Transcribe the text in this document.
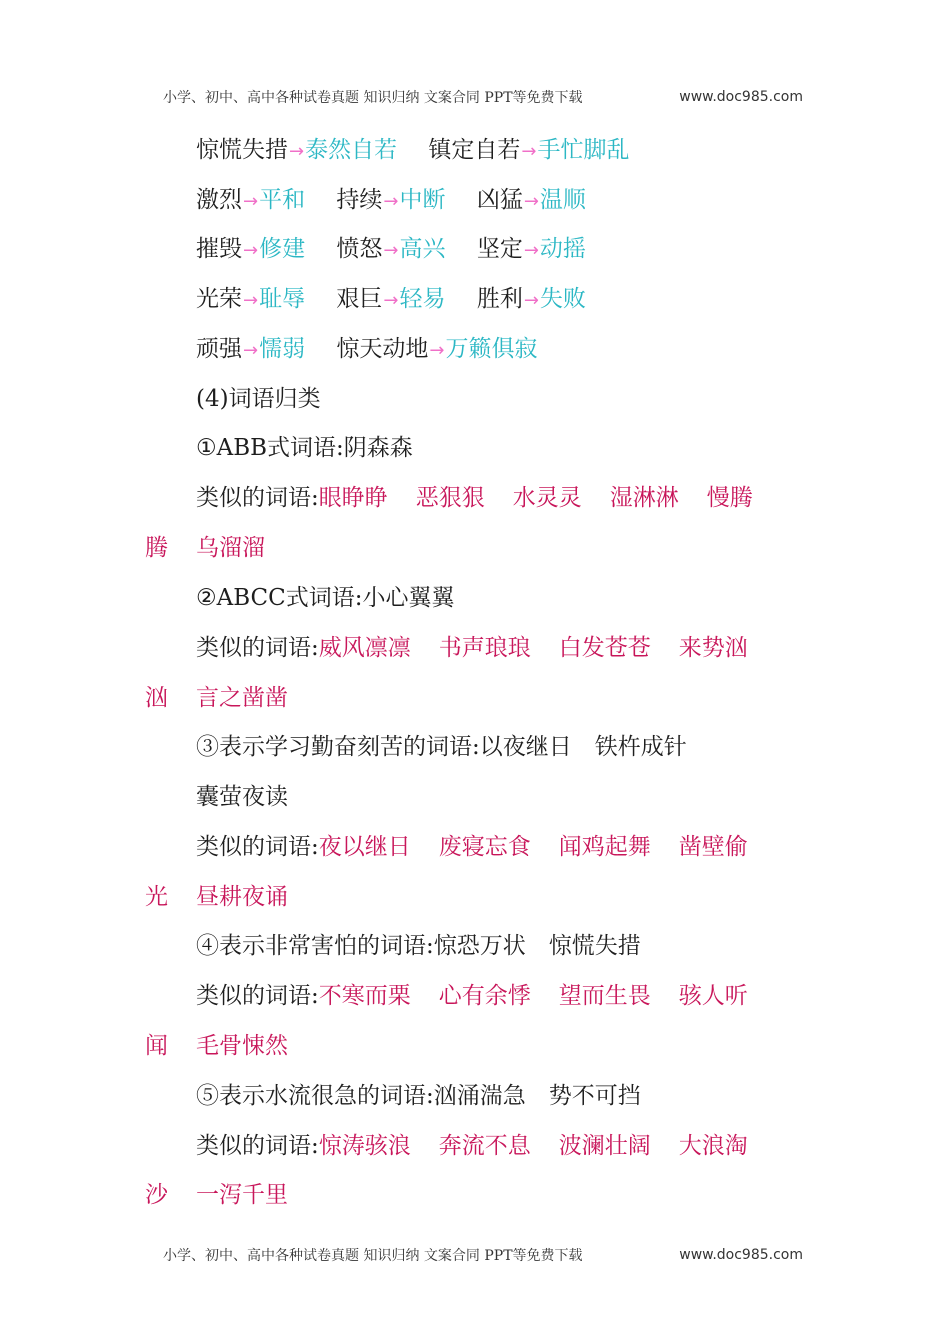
小学、初中、高中各种试卷真题 知识归纳 文案合同 PPT等免费下载	www.doc985.com
惊慌失措→泰然自若 镇定自若→手忙脚乱
激烈→平和 持续→中断 凶猛→温顺
摧毁→修建 愤怒→高兴 坚定→动摇
光荣→耻辱 艰巨→轻易 胜利→失败
顽强→懦弱 惊天动地→万籁俱寂
(4)词语归类
①ABB式词语:阴森森
类似的词语:眼睁睁 恶狠狠 水灵灵 湿淋淋 慢腾
腾 乌溜溜
②ABCC式词语:小心翼翼
类似的词语:威风凛凛 书声琅琅 白发苍苍 来势汹
汹 言之凿凿
③表示学习勤奋刻苦的词语:以夜继日　铁杵成针
囊萤夜读
类似的词语:夜以继日 废寝忘食 闻鸡起舞 凿壁偷
光 昼耕夜诵
④表示非常害怕的词语:惊恐万状　惊慌失措
类似的词语:不寒而栗 心有余悸 望而生畏 骇人听
闻 毛骨悚然
⑤表示水流很急的词语:汹涌湍急　势不可挡
类似的词语:惊涛骇浪 奔流不息 波澜壮阔 大浪淘
沙 一泻千里
小学、初中、高中各种试卷真题 知识归纳 文案合同 PPT等免费下载	www.doc985.com
